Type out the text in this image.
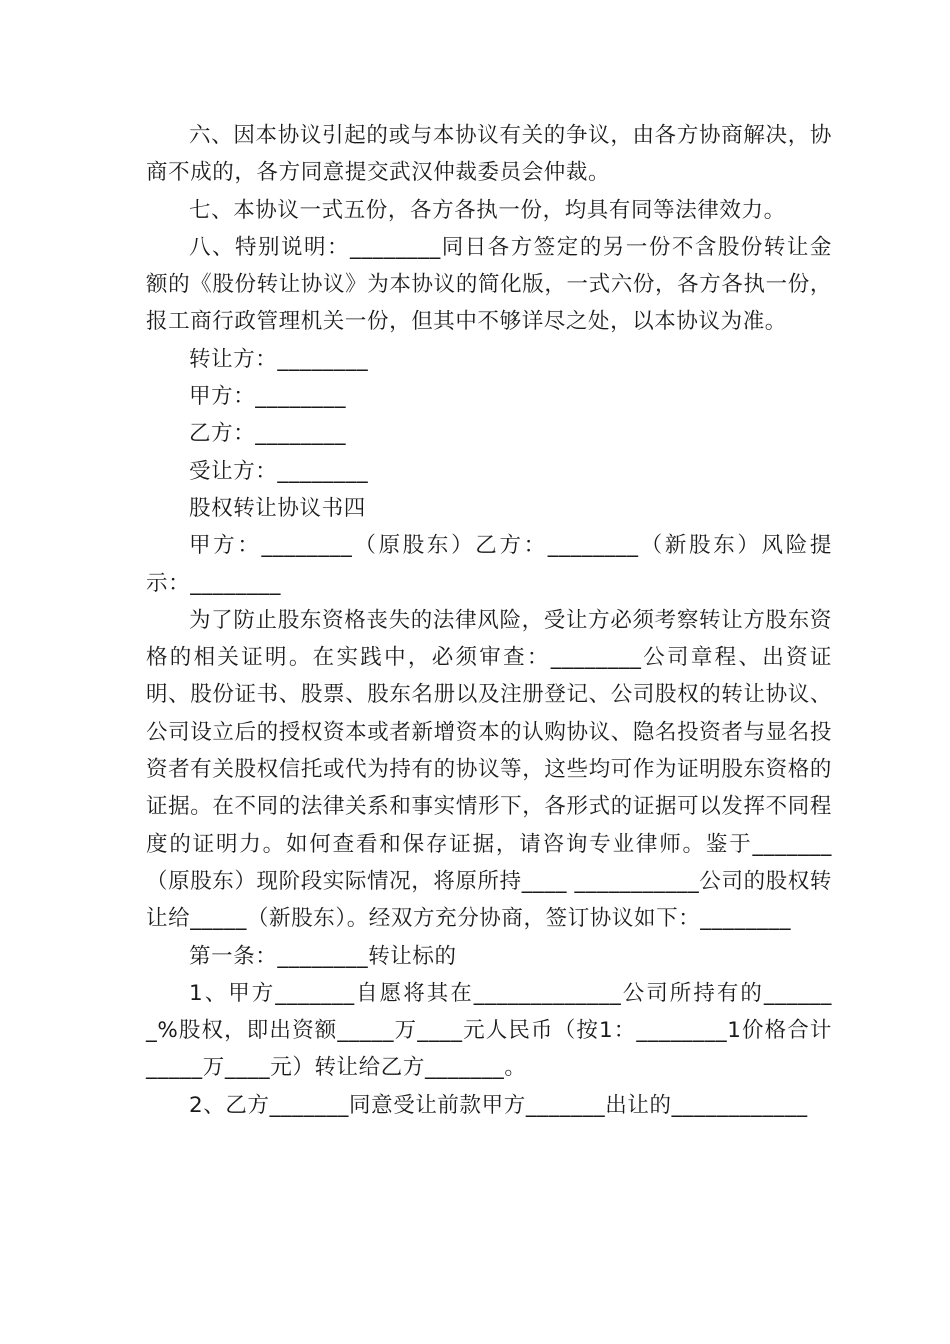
六、因本协议引起的或与本协议有关的争议，由各方协商解决，协商不成的，各方同意提交武汉仲裁委员会仲裁。

七、本协议一式五份，各方各执一份，均具有同等法律效力。

八、特别说明：________同日各方签定的另一份不含股份转让金额的《股份转让协议》为本协议的简化版，一式六份，各方各执一份，报工商行政管理机关一份，但其中不够详尽之处，以本协议为准。

转让方：________

甲方：________

乙方：________

受让方：________

股权转让协议书四

甲方：________（原股东）乙方：________（新股东）风险提示：________

为了防止股东资格丧失的法律风险，受让方必须考察转让方股东资格的相关证明。在实践中，必须审查：________公司章程、出资证明、股份证书、股票、股东名册以及注册登记、公司股权的转让协议、公司设立后的授权资本或者新增资本的认购协议、隐名投资者与显名投资者有关股权信托或代为持有的协议等，这些均可作为证明股东资格的证据。在不同的法律关系和事实情形下，各形式的证据可以发挥不同程度的证明力。如何查看和保存证据，请咨询专业律师。鉴于_______（原股东）现阶段实际情况，将原所持____ ___________公司的股权转让给_____（新股东）。经双方充分协商，签订协议如下：________

第一条：________转让标的

1、甲方_______自愿将其在_____________公司所持有的______ _%股权，即出资额_____万____元人民币（按1：________1价格合计_____万____元）转让给乙方_______。

2、乙方_______同意受让前款甲方_______出让的____________
